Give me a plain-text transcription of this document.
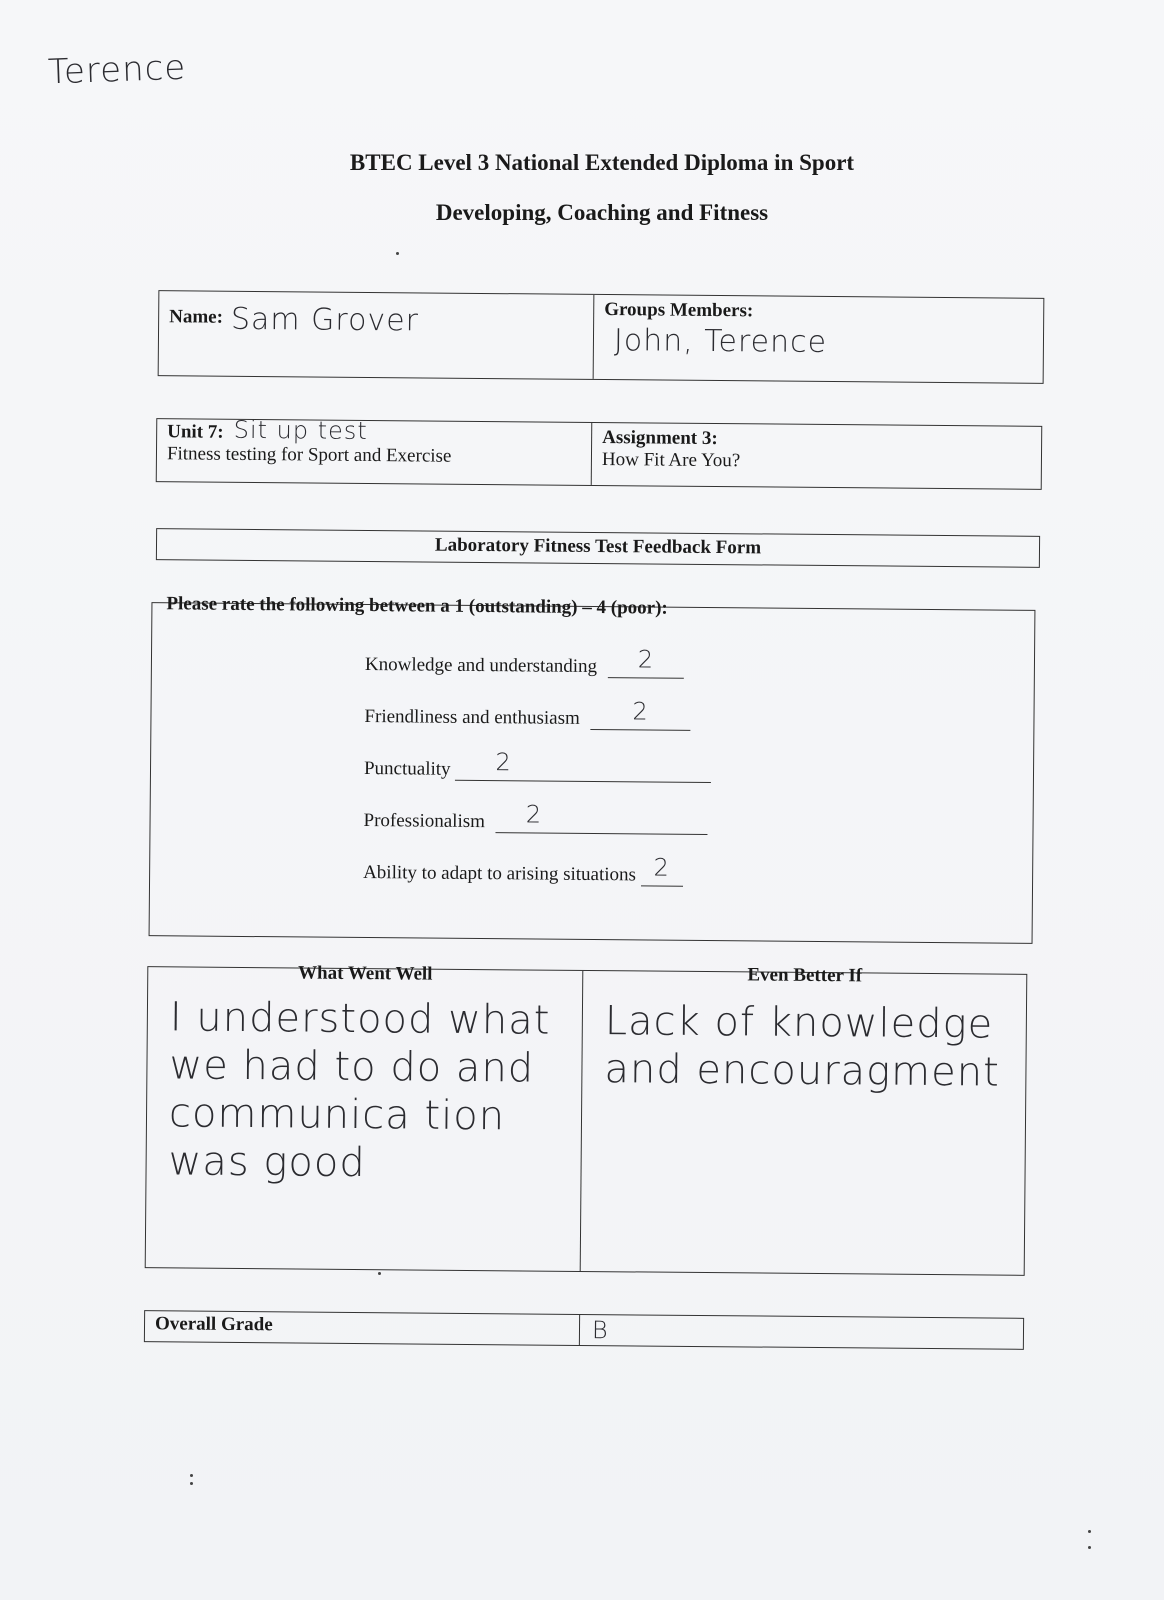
Terence
BTEC Level 3 National Extended Diploma in Sport
Developing, Coaching and Fitness
Name: Sam Grover	Groups Members:
John, Terence
Unit 7: Sit up test
Fitness testing for Sport and Exercise
Assignment 3:
How Fit Are You?
Laboratory Fitness Test Feedback Form
Please rate the following between a 1 (outstanding) – 4 (poor):
Knowledge and understanding 2
Friendliness and enthusiasm 2
Punctuality 2
Professionalism 2
Ability to adapt to arising situations 2
What Went Well
I understood what we had to do and communica tion was good
Even Better If
Lack of knowledge and encouragment
Overall Grade	B
